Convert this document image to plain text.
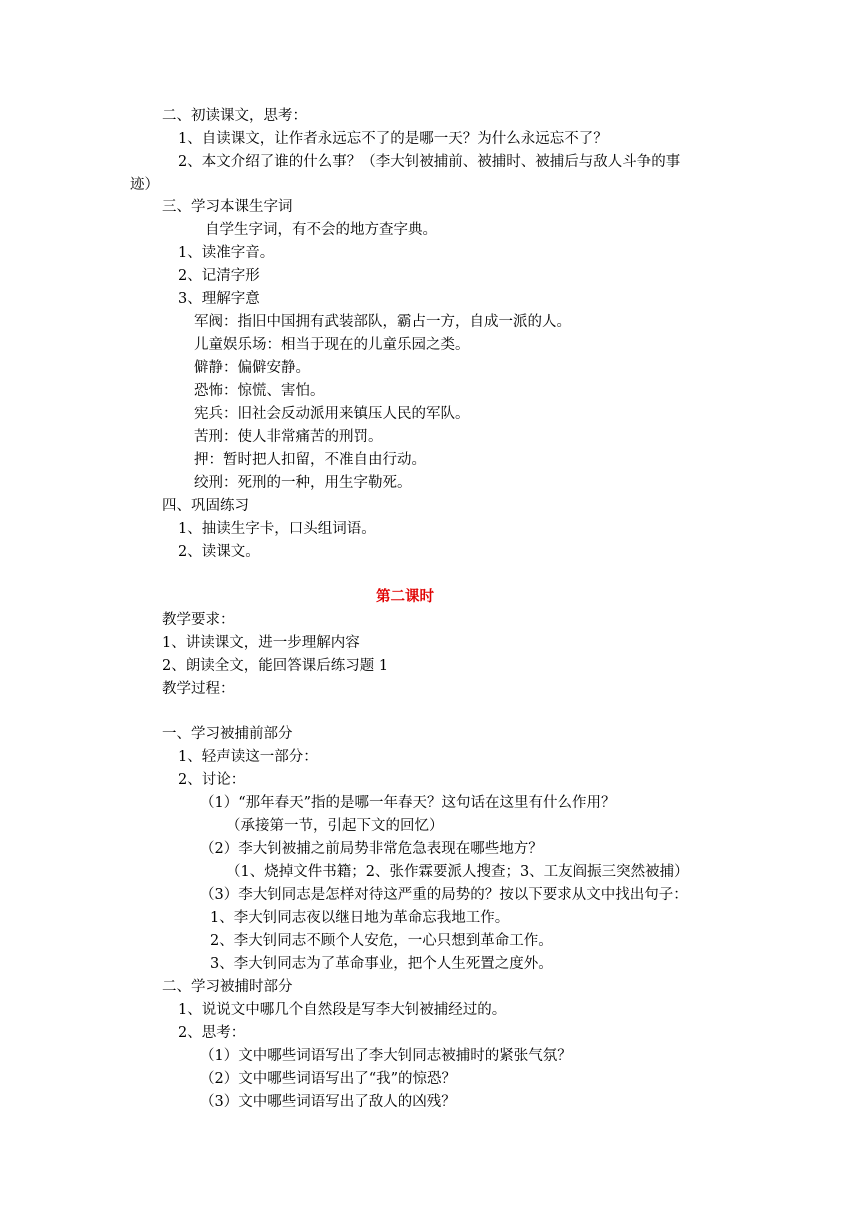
二、初读课文，思考：
1、自读课文，让作者永远忘不了的是哪一天？为什么永远忘不了？
2、本文介绍了谁的什么事？（李大钊被捕前、被捕时、被捕后与敌人斗争的事
迹）
三、学习本课生字词
自学生字词，有不会的地方查字典。
1、读准字音。
2、记清字形
3、理解字意
军阀：指旧中国拥有武装部队，霸占一方，自成一派的人。
儿童娱乐场：相当于现在的儿童乐园之类。
僻静：偏僻安静。
恐怖：惊慌、害怕。
宪兵：旧社会反动派用来镇压人民的军队。
苦刑：使人非常痛苦的刑罚。
押：暂时把人扣留，不准自由行动。
绞刑：死刑的一种，用生字勒死。
四、巩固练习
1、抽读生字卡，口头组词语。
2、读课文。
第二课时
教学要求：
1、讲读课文，进一步理解内容
2、朗读全文，能回答课后练习题 1
教学过程：
一、学习被捕前部分
1、轻声读这一部分：
2、讨论：
（1）“那年春天”指的是哪一年春天？这句话在这里有什么作用？
（承接第一节，引起下文的回忆）
（2）李大钊被捕之前局势非常危急表现在哪些地方？
（1、烧掉文件书籍；2、张作霖要派人搜查；3、工友阎振三突然被捕）
（3）李大钊同志是怎样对待这严重的局势的？按以下要求从文中找出句子：
1、李大钊同志夜以继日地为革命忘我地工作。
2、李大钊同志不顾个人安危，一心只想到革命工作。
3、李大钊同志为了革命事业，把个人生死置之度外。
二、学习被捕时部分
1、说说文中哪几个自然段是写李大钊被捕经过的。
2、思考：
（1）文中哪些词语写出了李大钊同志被捕时的紧张气氛？
（2）文中哪些词语写出了“我”的惊恐？
（3）文中哪些词语写出了敌人的凶残？
